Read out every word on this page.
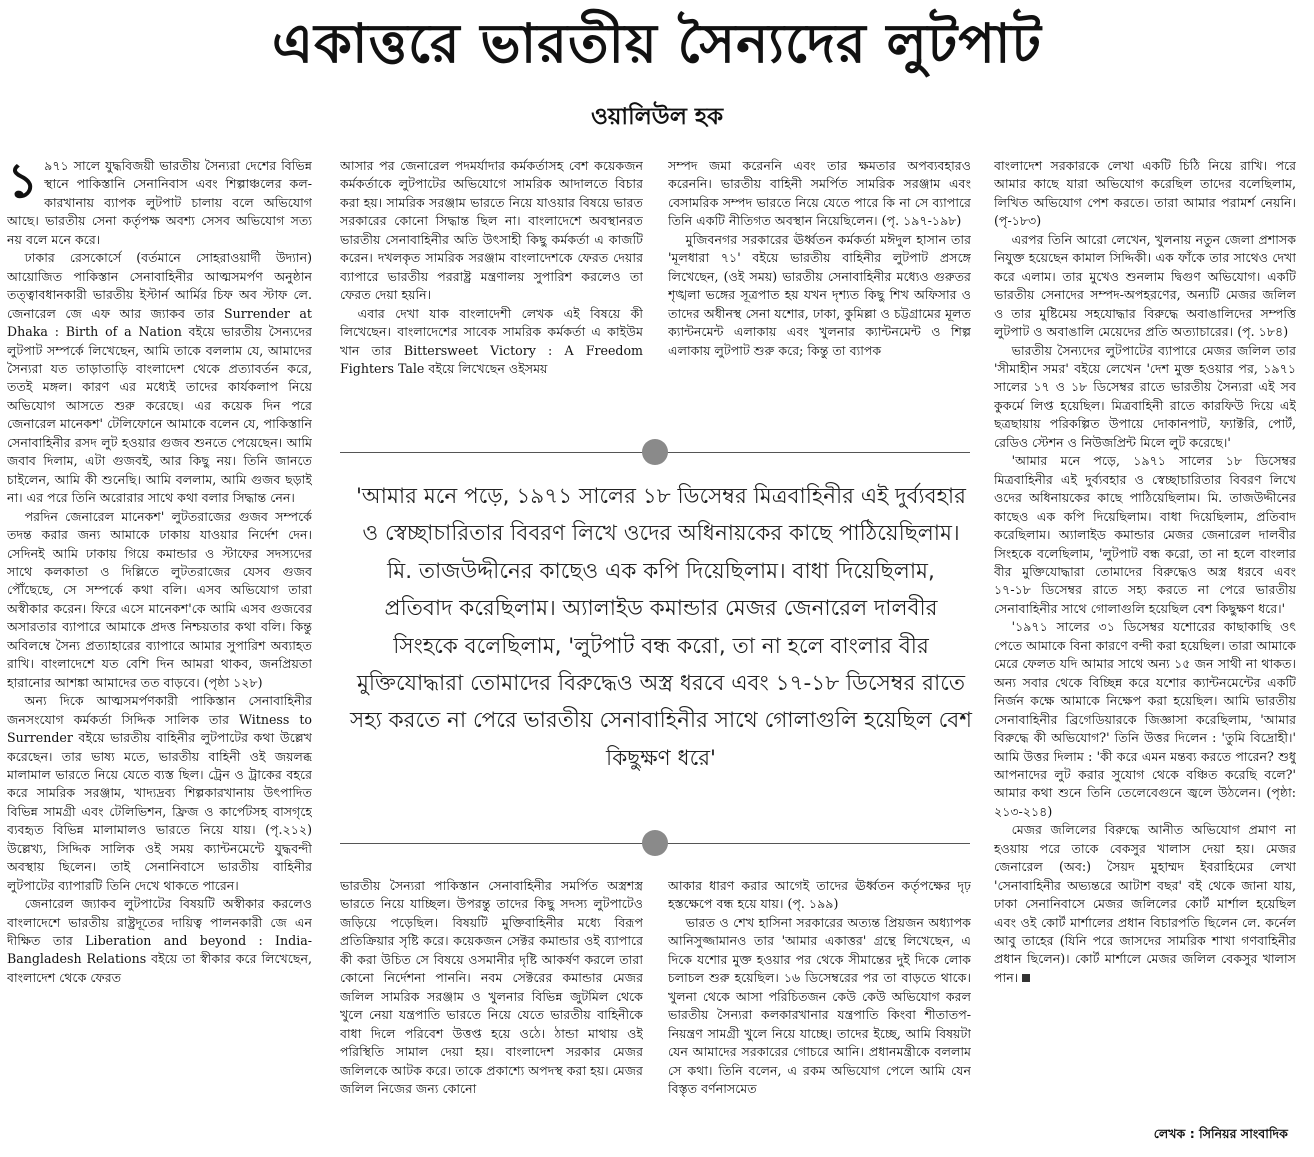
একাত্তরে ভারতীয় সৈন্যদের লুটপাট
ওয়ালিউল হক

১ ৯৭১ সালে যুদ্ধবিজয়ী ভারতীয় সৈন্যরা দেশের বিভিন্ন স্থানে পাকিস্তানি সেনানিবাস এবং শিল্পাঞ্চলের কল-কারখানায় ব্যাপক লুটপাট চালায় বলে অভিযোগ আছে। ভারতীয় সেনা কর্তৃপক্ষ অবশ্য সেসব অভিযোগ সত্য নয় বলে মনে করে।

ঢাকার রেসকোর্সে (বর্তমানে সোহরাওয়ার্দী উদ্যান) আয়োজিত পাকিস্তান সেনাবাহিনীর আত্মসমর্পণ অনুষ্ঠান তত্ত্বাবধানকারী ভারতীয় ইস্টার্ন আর্মির চিফ অব স্টাফ লে. জেনারেল জে এফ আর জ্যাকব তার Surrender at Dhaka : Birth of a Nation বইয়ে ভারতীয় সৈন্যদের লুটপাট সম্পর্কে লিখেছেন, আমি তাকে বললাম যে, আমাদের সৈন্যরা যত তাড়াতাড়ি বাংলাদেশ থেকে প্রত্যাবর্তন করে, ততই মঙ্গল। কারণ এর মধ্যেই তাদের কার্যকলাপ নিয়ে অভিযোগ আসতে শুরু করেছে। এর কয়েক দিন পরে জেনারেল মানেকশ' টেলিফোনে আমাকে বলেন যে, পাকিস্তানি সেনাবাহিনীর রসদ লুট হওয়ার গুজব শুনতে পেয়েছেন। আমি জবাব দিলাম, এটা গুজবই, আর কিছু নয়। তিনি জানতে চাইলেন, আমি কী শুনেছি। আমি বললাম, আমি গুজব ছড়াই না। এর পরে তিনি অরোরার সাথে কথা বলার সিদ্ধান্ত নেন।

পরদিন জেনারেল মানেকশ' লুটতরাজের গুজব সম্পর্কে তদন্ত করার জন্য আমাকে ঢাকায় যাওয়ার নির্দেশ দেন। সেদিনই আমি ঢাকায় গিয়ে কমান্ডার ও স্টাফের সদস্যদের সাথে কলকাতা ও দিল্লিতে লুটতরাজের যেসব গুজব পৌঁছেছে, সে সম্পর্কে কথা বলি। এসব অভিযোগ তারা অস্বীকার করেন। ফিরে এসে মানেকশ'কে আমি এসব গুজবের অসারতার ব্যাপারে আমাকে প্রদত্ত নিশ্চয়তার কথা বলি। কিন্তু অবিলম্বে সৈন্য প্রত্যাহারের ব্যাপারে আমার সুপারিশ অব্যাহত রাখি। বাংলাদেশে যত বেশি দিন আমরা থাকব, জনপ্রিয়তা হারানোর আশঙ্কা আমাদের তত বাড়বে। (পৃষ্ঠা ১২৮)

অন্য দিকে আত্মসমর্পণকারী পাকিস্তান সেনাবাহিনীর জনসংযোগ কর্মকর্তা সিদ্দিক সালিক তার Witness to Surrender বইয়ে ভারতীয় বাহিনীর লুটপাটের কথা উল্লেখ করেছেন। তার ভাষ্য মতে, ভারতীয় বাহিনী ওই জয়লব্ধ মালামাল ভারতে নিয়ে যেতে ব্যস্ত ছিল। ট্রেন ও ট্রাকের বহরে করে সামরিক সরঞ্জাম, খাদ্যদ্রব্য শিল্পকারখানায় উৎপাদিত বিভিন্ন সামগ্রী এবং টেলিভিশন, ফ্রিজ ও কার্পেটসহ বাসগৃহে ব্যবহৃত বিভিন্ন মালামালও ভারতে নিয়ে যায়। (পৃ.২১২) উল্লেখ্য, সিদ্দিক সালিক ওই সময় ক্যান্টনমেন্টে যুদ্ধবন্দী অবস্থায় ছিলেন। তাই সেনানিবাসে ভারতীয় বাহিনীর লুটপাটের ব্যাপারটি তিনি দেখে থাকতে পারেন।

জেনারেল জ্যাকব লুটপাটের বিষয়টি অস্বীকার করলেও বাংলাদেশে ভারতীয় রাষ্ট্রদূতের দায়িত্ব পালনকারী জে এন দীক্ষিত তার Liberation and beyond : India-Bangladesh Relations বইয়ে তা স্বীকার করে লিখেছেন, বাংলাদেশ থেকে ফেরত

আসার পর জেনারেল পদমর্যাদার কর্মকর্তাসহ বেশ কয়েকজন কর্মকর্তাকে লুটপাটের অভিযোগে সামরিক আদালতে বিচার করা হয়। সামরিক সরঞ্জাম ভারতে নিয়ে যাওয়ার বিষয়ে ভারত সরকারের কোনো সিদ্ধান্ত ছিল না। বাংলাদেশে অবস্থানরত ভারতীয় সেনাবাহিনীর অতি উৎসাহী কিছু কর্মকর্তা এ কাজটি করেন। দখলকৃত সামরিক সরঞ্জাম বাংলাদেশকে ফেরত দেয়ার ব্যাপারে ভারতীয় পররাষ্ট্র মন্ত্রণালয় সুপারিশ করলেও তা ফেরত দেয়া হয়নি।

এবার দেখা যাক বাংলাদেশী লেখক এই বিষয়ে কী লিখেছেন। বাংলাদেশের সাবেক সামরিক কর্মকর্তা এ কাইউম খান তার Bittersweet Victory : A Freedom Fighters Tale বইয়ে লিখেছেন ওইসময়

সম্পদ জমা করেননি এবং তার ক্ষমতার অপব্যবহারও করেননি। ভারতীয় বাহিনী সমর্পিত সামরিক সরঞ্জাম এবং বেসামরিক সম্পদ ভারতে নিয়ে যেতে পারে কি না সে ব্যাপারে তিনি একটি নীতিগত অবস্থান নিয়েছিলেন। (পৃ. ১৯৭-১৯৮)

মুজিবনগর সরকারের ঊর্ধ্বতন কর্মকর্তা মঈদুল হাসান তার 'মূলধারা ৭১' বইয়ে ভারতীয় বাহিনীর লুটপাট প্রসঙ্গে লিখেছেন, (ওই সময়) ভারতীয় সেনাবাহিনীর মধ্যেও গুরুতর শৃঙ্খলা ভঙ্গের সূত্রপাত হয় যখন দৃশ্যত কিছু শিখ অফিসার ও তাদের অধীনস্থ সেনা যশোর, ঢাকা, কুমিল্লা ও চট্টগ্রামের মূলত ক্যান্টনমেন্ট এলাকায় এবং খুলনার ক্যান্টনমেন্ট ও শিল্প এলাকায় লুটপাট শুরু করে; কিন্তু তা ব্যাপক

'আমার মনে পড়ে, ১৯৭১ সালের ১৮ ডিসেম্বর মিত্রবাহিনীর এই দুর্ব্যবহার ও স্বেচ্ছাচারিতার বিবরণ লিখে ওদের অধিনায়কের কাছে পাঠিয়েছিলাম। মি. তাজউদ্দীনের কাছেও এক কপি দিয়েছিলাম। বাধা দিয়েছিলাম, প্রতিবাদ করেছিলাম। অ্যালাইড কমান্ডার মেজর জেনারেল দালবীর সিংহকে বলেছিলাম, 'লুটপাট বন্ধ করো, তা না হলে বাংলার বীর মুক্তিযোদ্ধারা তোমাদের বিরুদ্ধেও অস্ত্র ধরবে এবং ১৭-১৮ ডিসেম্বর রাতে সহ্য করতে না পেরে ভারতীয় সেনাবাহিনীর সাথে গোলাগুলি হয়েছিল বেশ কিছুক্ষণ ধরে'

ভারতীয় সৈন্যরা পাকিস্তান সেনাবাহিনীর সমর্পিত অস্ত্রশস্ত্র ভারতে নিয়ে যাচ্ছিল। উপরন্তু তাদের কিছু সদস্য লুটপাটেও জড়িয়ে পড়েছিল। বিষয়টি মুক্তিবাহিনীর মধ্যে বিরূপ প্রতিক্রিয়ার সৃষ্টি করে। কয়েকজন সেক্টর কমান্ডার ওই ব্যাপারে কী করা উচিত সে বিষয়ে ওসমানীর দৃষ্টি আকর্ষণ করলে তারা কোনো নির্দেশনা পাননি। নবম সেক্টরের কমান্ডার মেজর জলিল সামরিক সরঞ্জাম ও খুলনার বিভিন্ন জুটমিল থেকে খুলে নেয়া যন্ত্রপাতি ভারতে নিয়ে যেতে ভারতীয় বাহিনীকে বাধা দিলে পরিবেশ উত্তপ্ত হয়ে ওঠে। ঠান্ডা মাথায় ওই পরিস্থিতি সামাল দেয়া হয়। বাংলাদেশ সরকার মেজর জলিলকে আটক করে। তাকে প্রকাশ্যে অপদস্থ করা হয়। মেজর জলিল নিজের জন্য কোনো

আকার ধারণ করার আগেই তাদের ঊর্ধ্বতন কর্তৃপক্ষের দৃঢ় হস্তক্ষেপে বন্ধ হয়ে যায়। (পৃ. ১৯৯)

ভারত ও শেখ হাসিনা সরকারের অত্যন্ত প্রিয়জন অধ্যাপক আনিসুজ্জামানও তার 'আমার একাত্তর' গ্রন্থে লিখেছেন, এ দিকে যশোর মুক্ত হওয়ার পর থেকে সীমান্তের দুই দিকে লোক চলাচল শুরু হয়েছিল। ১৬ ডিসেম্বরের পর তা বাড়তে থাকে। খুলনা থেকে আসা পরিচিতজন কেউ কেউ অভিযোগ করল ভারতীয় সৈন্যরা কলকারখানার যন্ত্রপাতি কিংবা শীতাতপ-নিয়ন্ত্রণ সামগ্রী খুলে নিয়ে যাচ্ছে। তাদের ইচ্ছে, আমি বিষয়টা যেন আমাদের সরকারের গোচরে আনি। প্রধানমন্ত্রীকে বললাম সে কথা। তিনি বলেন, এ রকম অভিযোগ পেলে আমি যেন বিস্তৃত বর্ণনাসমেত

বাংলাদেশ সরকারকে লেখা একটি চিঠি নিয়ে রাখি। পরে আমার কাছে যারা অভিযোগ করেছিল তাদের বলেছিলাম, লিখিত অভিযোগ পেশ করতে। তারা আমার পরামর্শ নেয়নি। (পৃ-১৮৩)

এরপর তিনি আরো লেখেন, খুলনায় নতুন জেলা প্রশাসক নিযুক্ত হয়েছেন কামাল সিদ্দিকী। এক ফাঁকে তার সাথেও দেখা করে এলাম। তার মুখেও শুনলাম দ্বিগুণ অভিযোগ। একটি ভারতীয় সেনাদের সম্পদ-অপহরণের, অন্যটি মেজর জলিল ও তার মুষ্টিমেয় সহযোদ্ধার বিরুদ্ধে অবাঙালিদের সম্পত্তি লুটপাট ও অবাঙালি মেয়েদের প্রতি অত্যাচারের। (পৃ. ১৮৪)

ভারতীয় সৈন্যদের লুটপাটের ব্যাপারে মেজর জলিল তার 'সীমাহীন সমর' বইয়ে লেখেন 'দেশ মুক্ত হওয়ার পর, ১৯৭১ সালের ১৭ ও ১৮ ডিসেম্বর রাতে ভারতীয় সৈন্যরা এই সব কুকর্মে লিপ্ত হয়েছিল। মিত্রবাহিনী রাতে কারফিউ দিয়ে এই ছত্রছায়ায় পরিকল্পিত উপায়ে দোকানপাট, ফ্যাক্টরি, পোর্ট, রেডিও স্টেশন ও নিউজপ্রিন্ট মিলে লুট করেছে।'

'আমার মনে পড়ে, ১৯৭১ সালের ১৮ ডিসেম্বর মিত্রবাহিনীর এই দুর্ব্যবহার ও স্বেচ্ছাচারিতার বিবরণ লিখে ওদের অধিনায়কের কাছে পাঠিয়েছিলাম। মি. তাজউদ্দীনের কাছেও এক কপি দিয়েছিলাম। বাধা দিয়েছিলাম, প্রতিবাদ করেছিলাম। অ্যালাইড কমান্ডার মেজর জেনারেল দালবীর সিংহকে বলেছিলাম, 'লুটপাট বন্ধ করো, তা না হলে বাংলার বীর মুক্তিযোদ্ধারা তোমাদের বিরুদ্ধেও অস্ত্র ধরবে এবং ১৭-১৮ ডিসেম্বর রাতে সহ্য করতে না পেরে ভারতীয় সেনাবাহিনীর সাথে গোলাগুলি হয়েছিল বেশ কিছুক্ষণ ধরে।'

'১৯৭১ সালের ৩১ ডিসেম্বর যশোরের কাছাকাছি ওৎ পেতে আমাকে বিনা কারণে বন্দী করা হয়েছিল। তারা আমাকে মেরে ফেলত যদি আমার সাথে অন্য ১৫ জন সাথী না থাকত। অন্য সবার থেকে বিচ্ছিন্ন করে যশোর ক্যান্টনমেন্টের একটি নির্জন কক্ষে আমাকে নিক্ষেপ করা হয়েছিল। আমি ভারতীয় সেনাবাহিনীর ব্রিগেডিয়ারকে জিজ্ঞাসা করেছিলাম, 'আমার বিরুদ্ধে কী অভিযোগ?' তিনি উত্তর দিলেন : 'তুমি বিদ্রোহী।' আমি উত্তর দিলাম : 'কী করে এমন মন্তব্য করতে পারেন? শুধু আপনাদের লুট করার সুযোগ থেকে বঞ্চিত করেছি বলে?' আমার কথা শুনে তিনি তেলেবেগুনে জ্বলে উঠলেন। (পৃষ্ঠা: ২১৩-২১৪)

মেজর জলিলের বিরুদ্ধে আনীত অভিযোগ প্রমাণ না হওয়ায় পরে তাকে বেকসুর খালাস দেয়া হয়। মেজর জেনারেল (অব:) সৈয়দ মুহাম্মদ ইবরাহিমের লেখা 'সেনাবাহিনীর অভ্যন্তরে আটাশ বছর' বই থেকে জানা যায়, ঢাকা সেনানিবাসে মেজর জলিলের কোর্ট মার্শাল হয়েছিল এবং ওই কোর্ট মার্শালের প্রধান বিচারপতি ছিলেন লে. কর্নেল আবু তাহের (যিনি পরে জাসদের সামরিক শাখা গণবাহিনীর প্রধান ছিলেন)। কোর্ট মার্শালে মেজর জলিল বেকসুর খালাস পান।

লেখক : সিনিয়র সাংবাদিক
